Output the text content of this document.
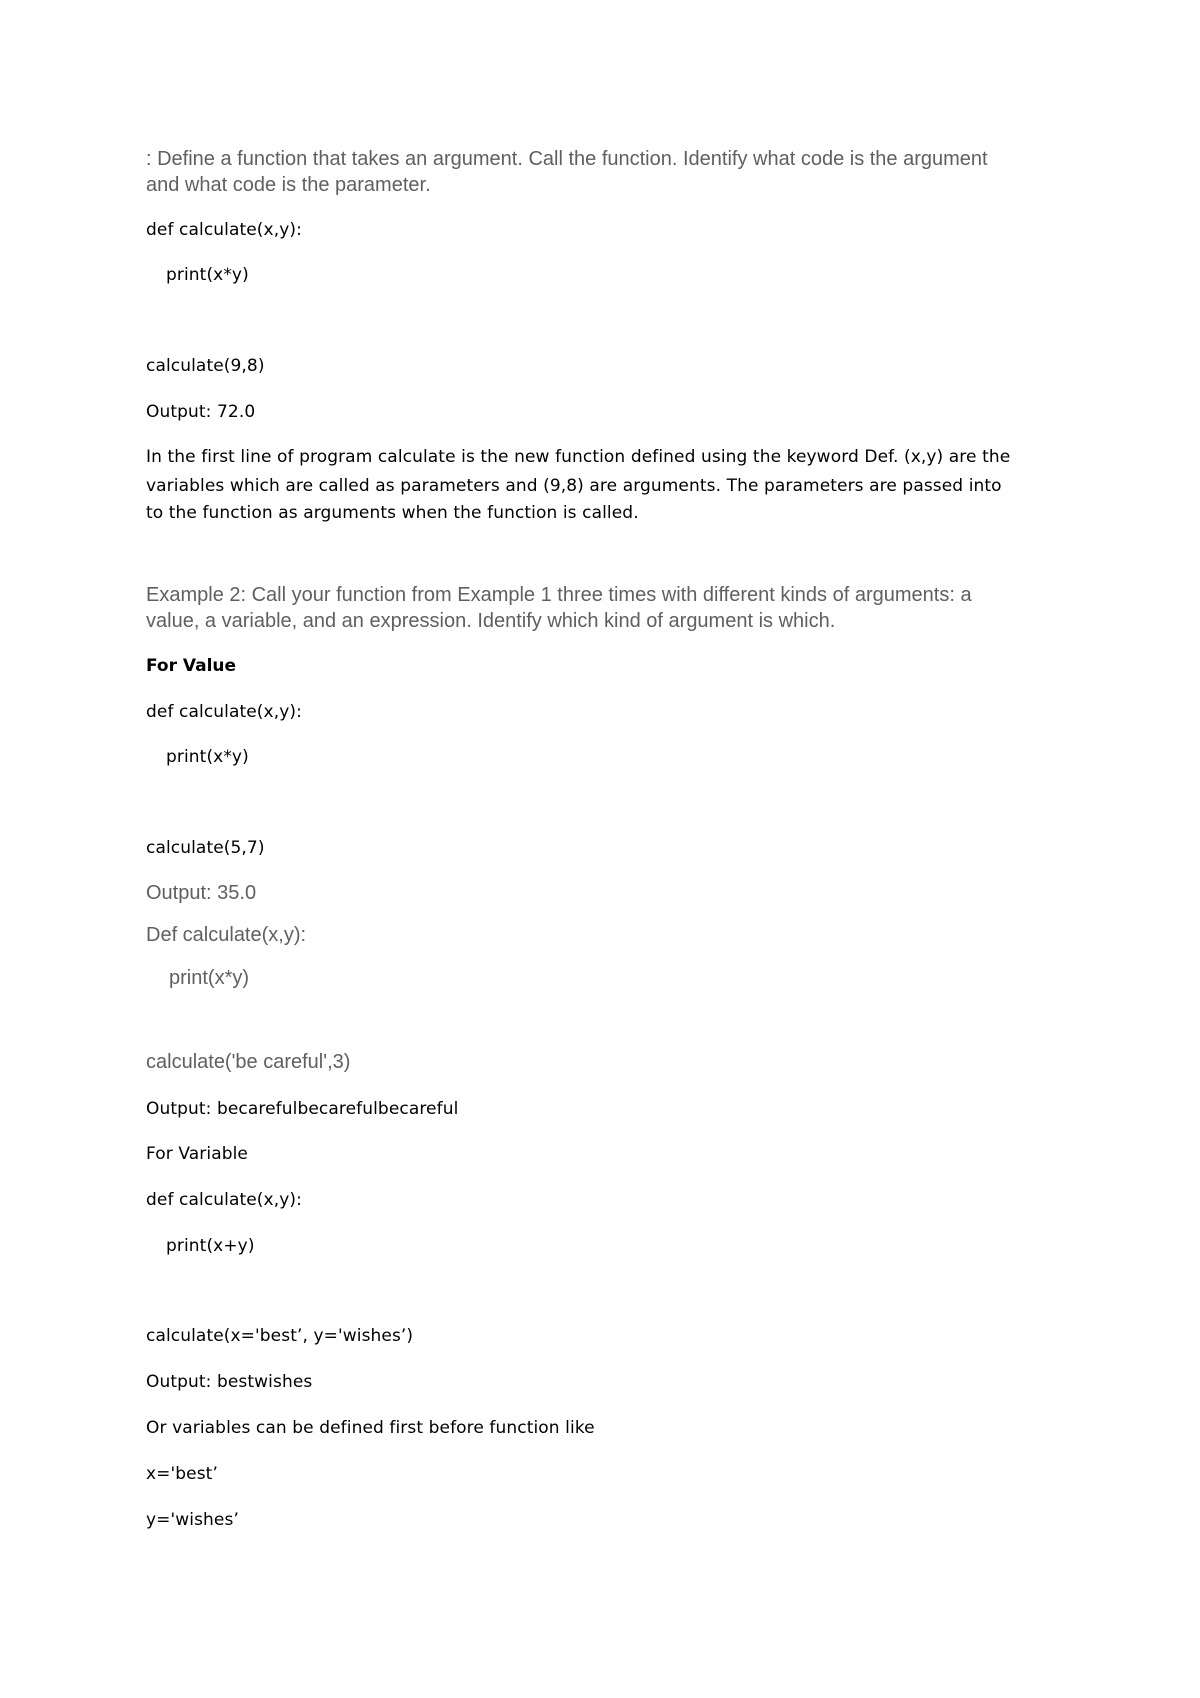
: Define a function that takes an argument. Call the function. Identify what code is the argument

and what code is the parameter.

def calculate(x,y):

print(x*y)

calculate(9,8)

Output: 72.0

In the first line of program calculate is the new function defined using the keyword Def. (x,y) are the

variables which are called as parameters and (9,8) are arguments. The parameters are passed into

to the function as arguments when the function is called.

Example 2: Call your function from Example 1 three times with different kinds of arguments: a

value, a variable, and an expression. Identify which kind of argument is which.

For Value

def calculate(x,y):

print(x*y)

calculate(5,7)

Output: 35.0

Def calculate(x,y):

print(x*y)

calculate('be careful',3)

Output: becarefulbecarefulbecareful

For Variable

def calculate(x,y):

print(x+y)

calculate(x='best’, y='wishes’)

Output: bestwishes

Or variables can be defined first before function like

x='best’

y='wishes’
